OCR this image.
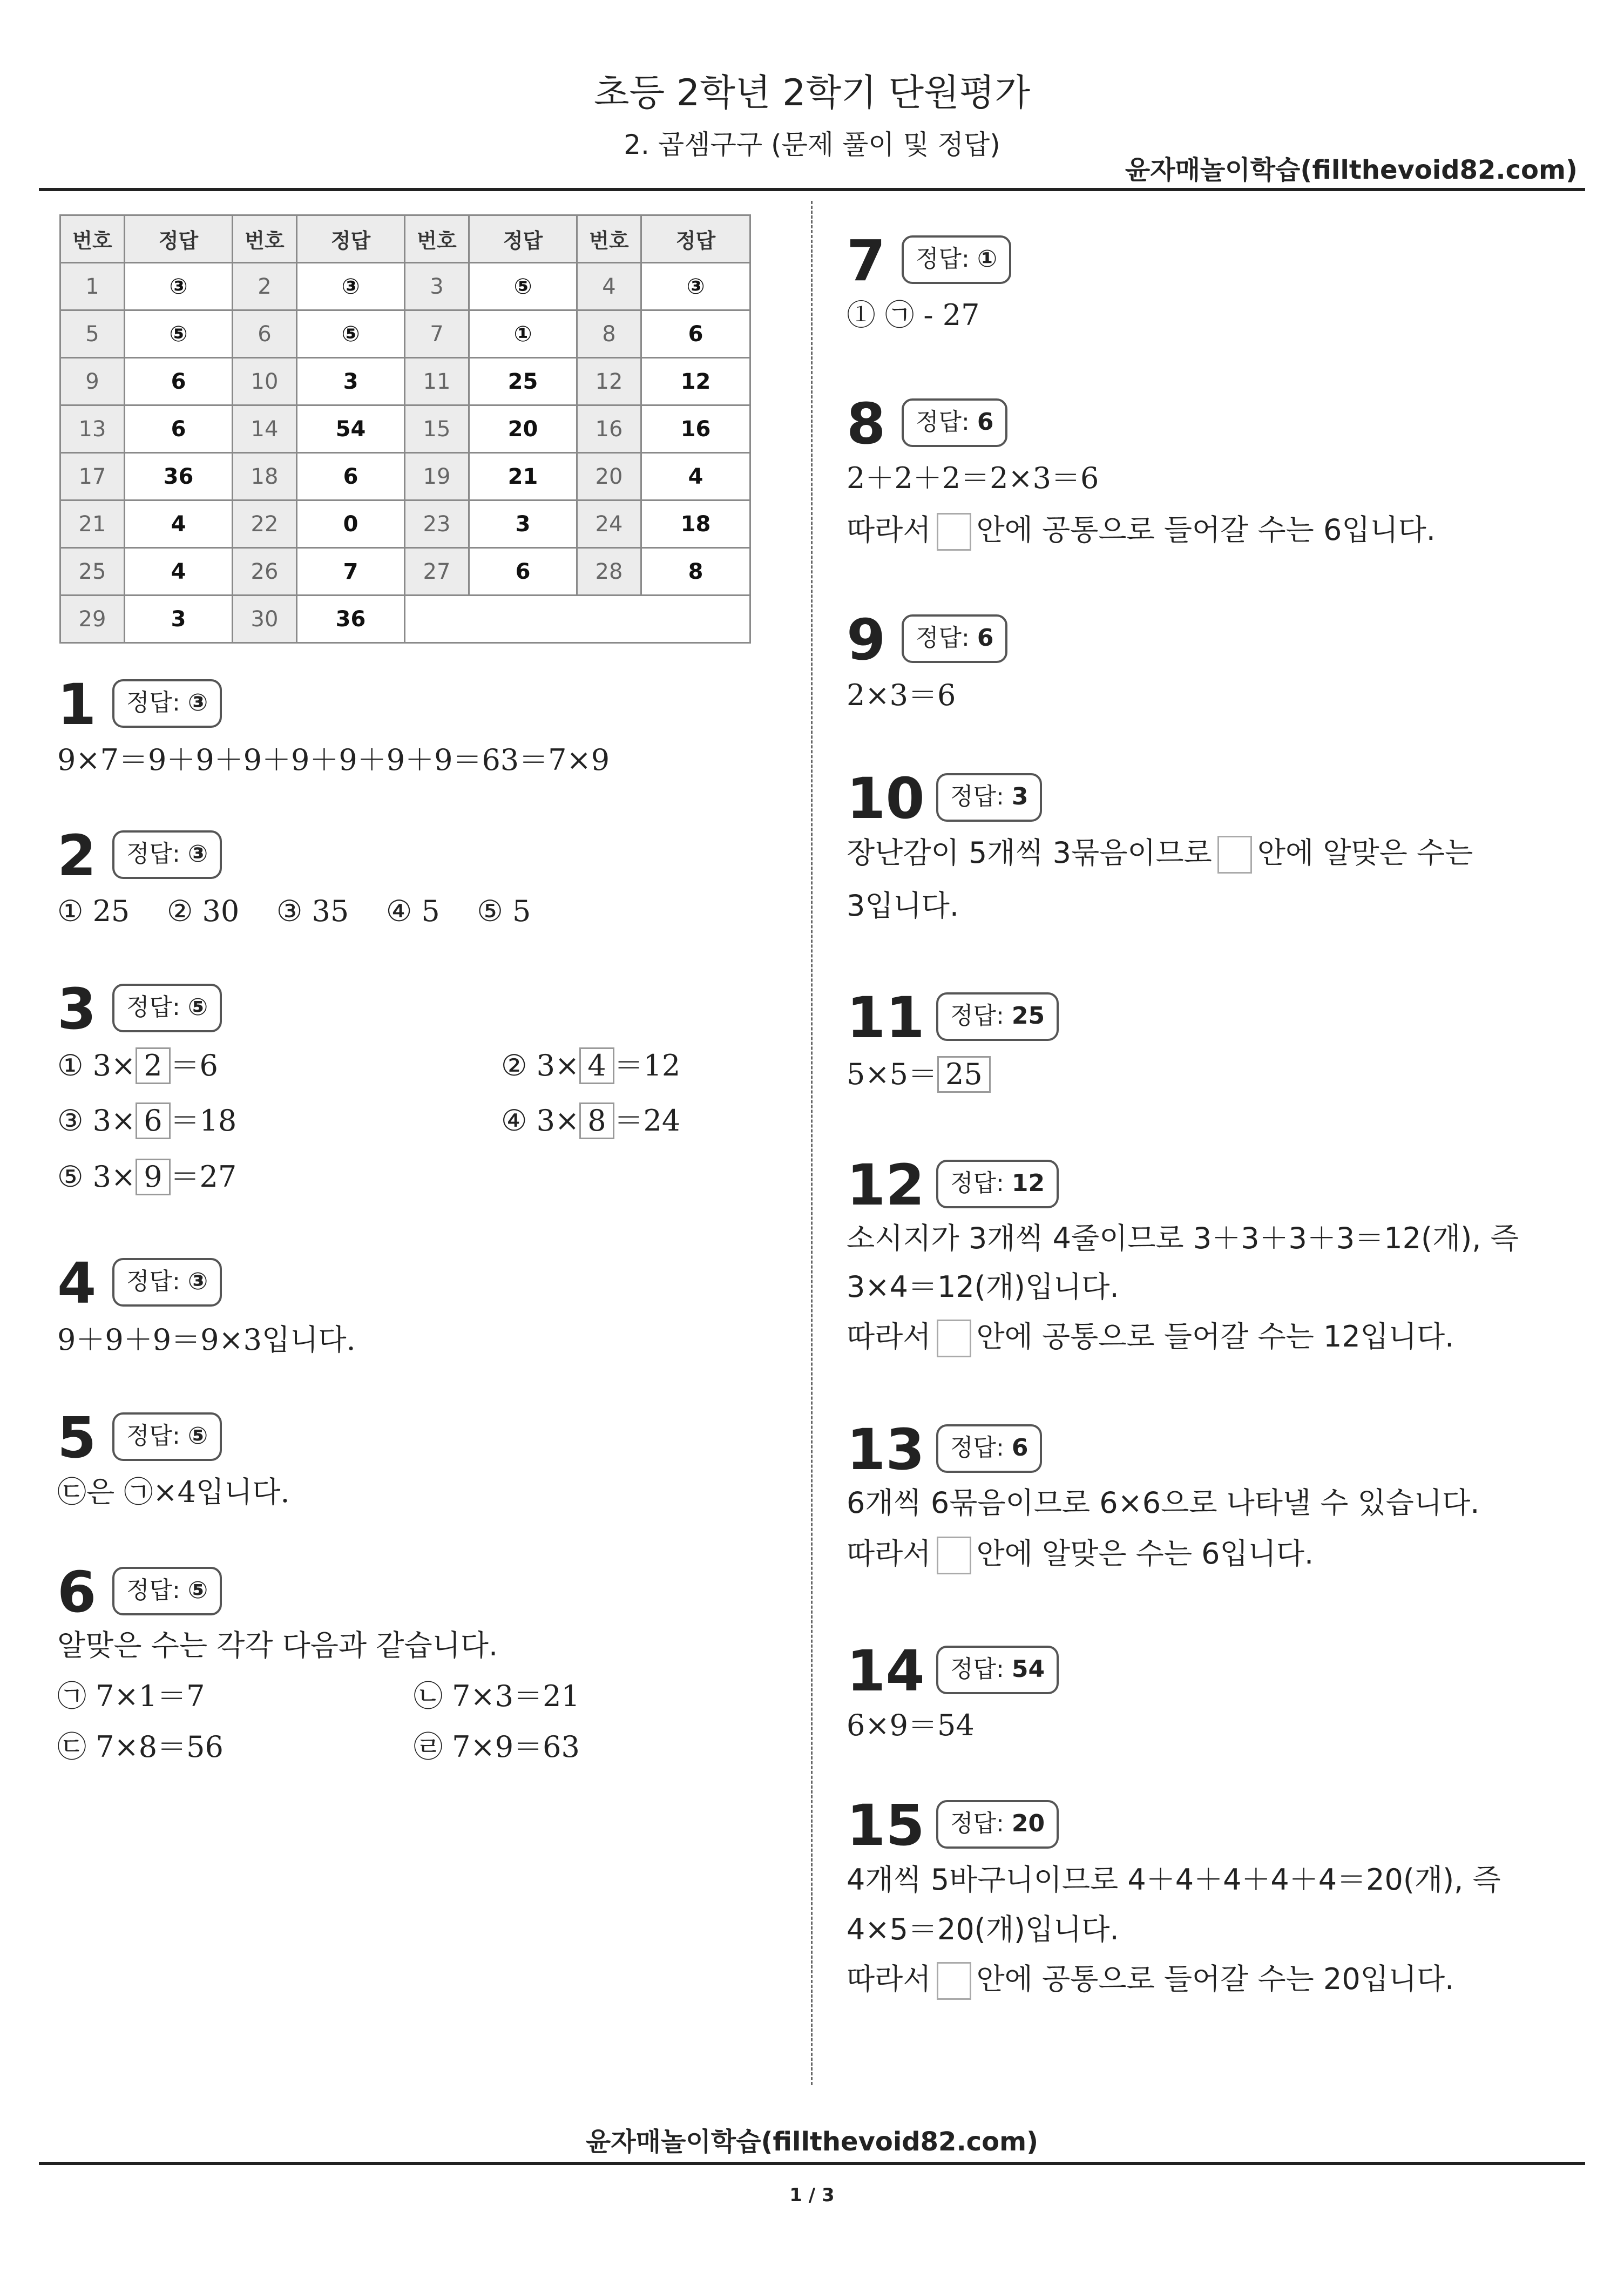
초등 2학년 2학기 단원평가
2. 곱셈구구 (문제 풀이 및 정답)
윤자매놀이학습(fillthevoid82.com)
번호	정답	번호	정답	번호	정답	번호	정답
1	③	2	③	3	⑤	4	③
5	⑤	6	⑤	7	①	8	6
9	6	10	3	11	25	12	12
13	6	14	54	15	20	16	16
17	36	18	6	19	21	20	4
21	4	22	0	23	3	24	18
25	4	26	7	27	6	28	8
29	3	30	36				
1	정답: ③
9×7＝9＋9＋9＋9＋9＋9＋9＝63＝7×9
2	정답: ③
① 25    ② 30    ③ 35    ④ 5    ⑤ 5
3	정답: ⑤
① 3× 2 ＝6	② 3× 4 ＝12
③ 3× 6 ＝18	④ 3× 8 ＝24
⑤ 3× 9 ＝27
4	정답: ③
9＋9＋9＝9×3입니다.
5	정답: ⑤
㉢은 ㉠×4입니다.
6	정답: ⑤
알맞은 수는 각각 다음과 같습니다.
㉠ 7×1＝7	㉡ 7×3＝21
㉢ 7×8＝56	㉣ 7×9＝63
7	정답: ①
① ㉠ - 27
8	정답: 6
2＋2＋2＝2×3＝6
따라서 안에 공통으로 들어갈 수는 6입니다.
9	정답: 6
2×3＝6
10	정답: 3
장난감이 5개씩 3묶음이므로 안에 알맞은 수는
3입니다.
11	정답: 25
5×5＝ 25
12	정답: 12
소시지가 3개씩 4줄이므로 3＋3＋3＋3＝12(개), 즉
3×4＝12(개)입니다.
따라서 안에 공통으로 들어갈 수는 12입니다.
13	정답: 6
6개씩 6묶음이므로 6×6으로 나타낼 수 있습니다.
따라서 안에 알맞은 수는 6입니다.
14	정답: 54
6×9＝54
15	정답: 20
4개씩 5바구니이므로 4＋4＋4＋4＋4＝20(개), 즉
4×5＝20(개)입니다.
따라서 안에 공통으로 들어갈 수는 20입니다.
윤자매놀이학습(fillthevoid82.com)
1 / 3
